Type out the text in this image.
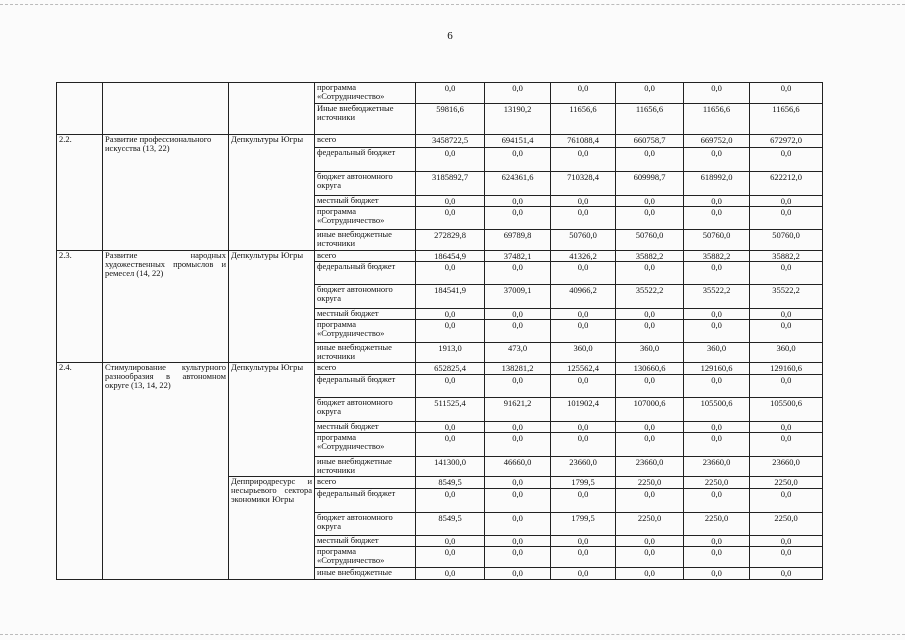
6
			программа «Сотрудничество»	0,0	0,0	0,0	0,0	0,0	0,0
			Иные внебюджетные источники	59816,6	13190,2	11656,6	11656,6	11656,6	11656,6
2.2.	Развитие профессионального искусства (13, 22)	Депкультуры Югры	всего	3458722,5	694151,4	761088,4	660758,7	669752,0	672972,0
			федеральный бюджет	0,0	0,0	0,0	0,0	0,0	0,0
			бюджет автономного округа	3185892,7	624361,6	710328,4	609998,7	618992,0	622212,0
			местный бюджет	0,0	0,0	0,0	0,0	0,0	0,0
			программа «Сотрудничество»	0,0	0,0	0,0	0,0	0,0	0,0
			иные внебюджетные источники	272829,8	69789,8	50760,0	50760,0	50760,0	50760,0
2.3.	Развитие народных художественных промыслов и ремесел (14, 22)	Депкультуры Югры	всего	186454,9	37482,1	41326,2	35882,2	35882,2	35882,2
			федеральный бюджет	0,0	0,0	0,0	0,0	0,0	0,0
			бюджет автономного округа	184541,9	37009,1	40966,2	35522,2	35522,2	35522,2
			местный бюджет	0,0	0,0	0,0	0,0	0,0	0,0
			программа «Сотрудничество»	0,0	0,0	0,0	0,0	0,0	0,0
			иные внебюджетные источники	1913,0	473,0	360,0	360,0	360,0	360,0
2.4.	Стимулирование культурного разнообразия в автономном округе (13, 14, 22)	Депкультуры Югры	всего	652825,4	138281,2	125562,4	130660,6	129160,6	129160,6
			федеральный бюджет	0,0	0,0	0,0	0,0	0,0	0,0
			бюджет автономного округа	511525,4	91621,2	101902,4	107000,6	105500,6	105500,6
			местный бюджет	0,0	0,0	0,0	0,0	0,0	0,0
			программа «Сотрудничество»	0,0	0,0	0,0	0,0	0,0	0,0
			иные внебюджетные источники	141300,0	46660,0	23660,0	23660,0	23660,0	23660,0
		Депприродресурс и несырьевого сектора экономики Югры	всего	8549,5	0,0	1799,5	2250,0	2250,0	2250,0
			федеральный бюджет	0,0	0,0	0,0	0,0	0,0	0,0
			бюджет автономного округа	8549,5	0,0	1799,5	2250,0	2250,0	2250,0
			местный бюджет	0,0	0,0	0,0	0,0	0,0	0,0
			программа «Сотрудничество»	0,0	0,0	0,0	0,0	0,0	0,0
			иные внебюджетные	0,0	0,0	0,0	0,0	0,0	0,0
